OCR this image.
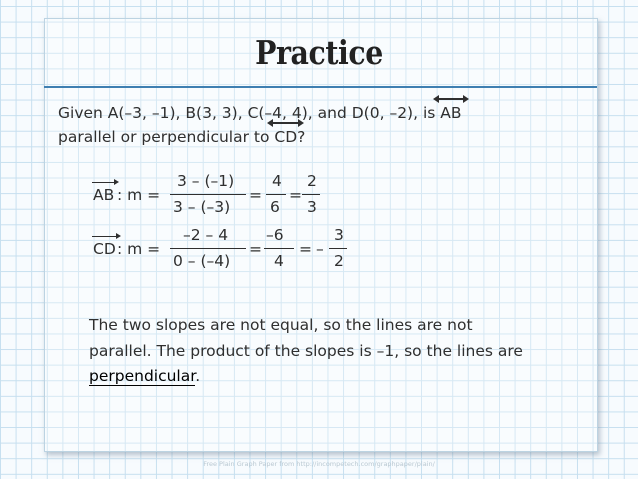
Practice
Given A(–3, –1), B(3, 3), C(–4, 4), and D(0, –2), is
AB
parallel or perpendicular to
CD?
AB : m =
3 – (–1)
3 – (–3)
=
4
6
=
2
3
CD : m =
–2 – 4
0 – (–4)
=
–6
4
= –
3
2
The two slopes are not equal, so the lines are not
parallel. The product of the slopes is –1, so the lines are
perpendicular.
Free Plain Graph Paper from http://incompetech.com/graphpaper/plain/
